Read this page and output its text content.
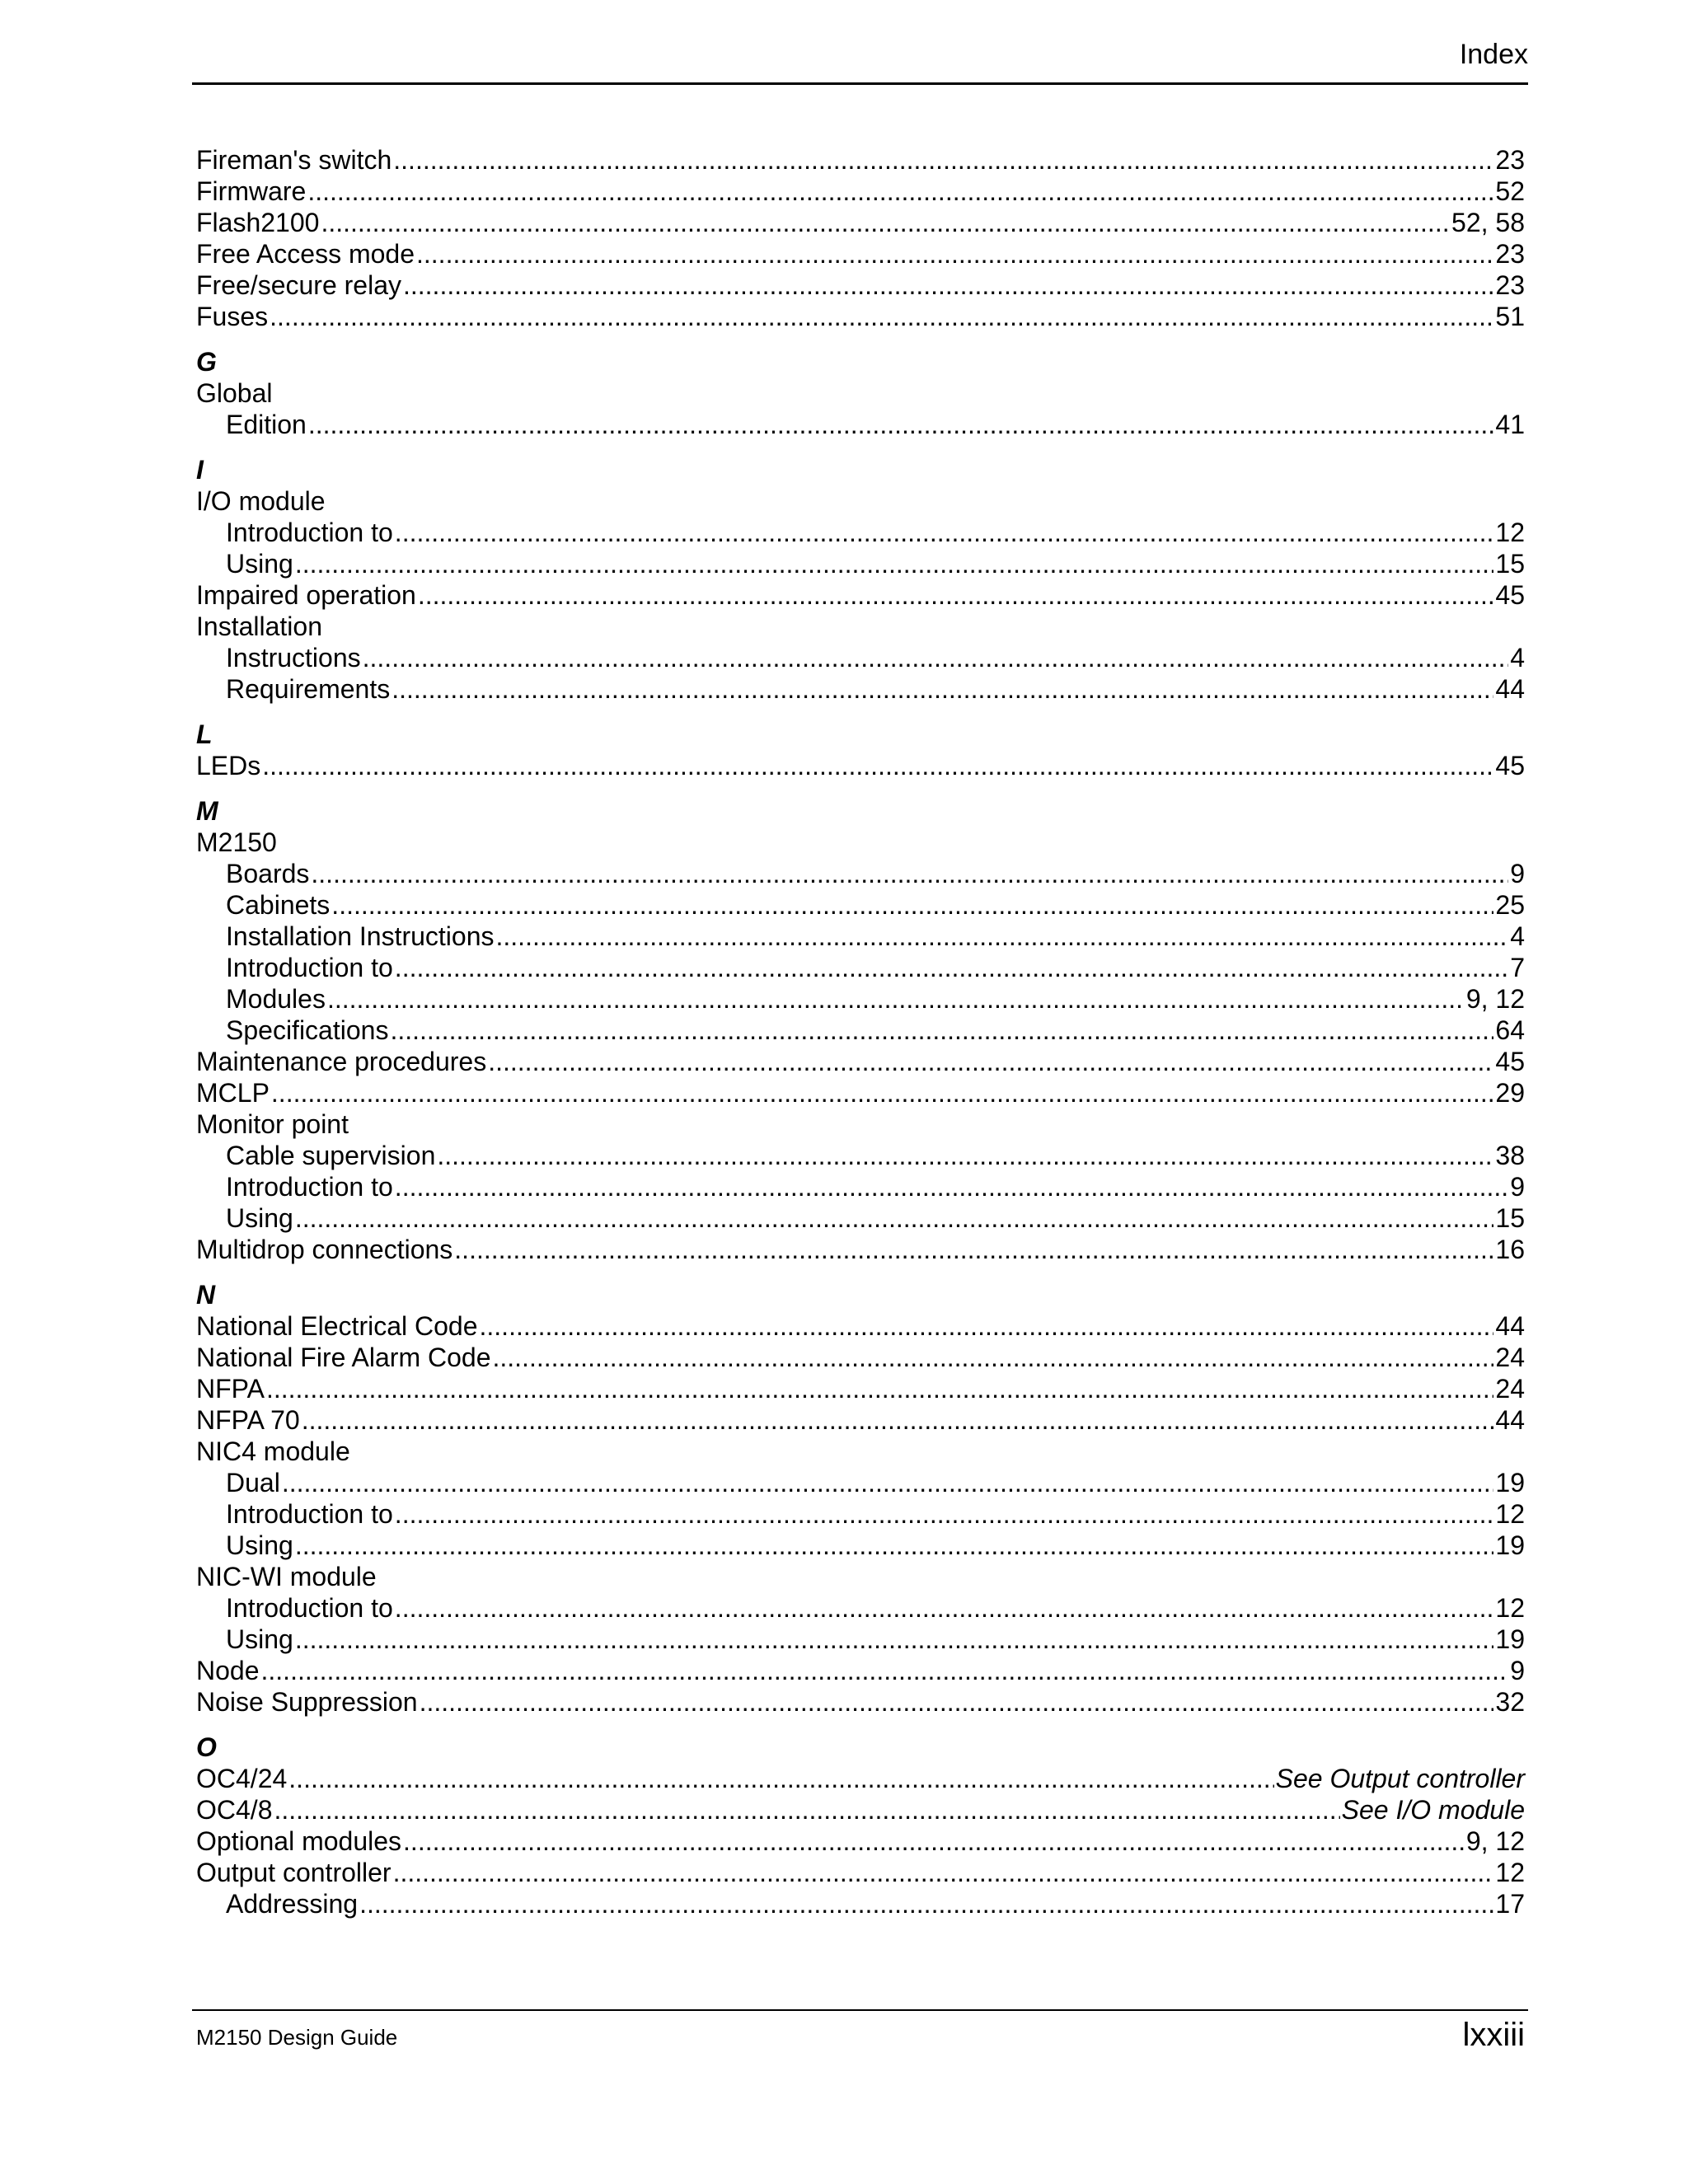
Index
Fireman's switch .....	23
Firmware .....	52
Flash2100 .....	52, 58
Free Access mode .....	23
Free/secure relay .....	23
Fuses .....	51
G
Global
Edition .....	41
I
I/O module
Introduction to .....	12
Using .....	15
Impaired operation .....	45
Installation
Instructions .....	4
Requirements .....	44
L
LEDs .....	45
M
M2150
Boards .....	9
Cabinets .....	25
Installation Instructions .....	4
Introduction to .....	7
Modules .....	9, 12
Specifications .....	64
Maintenance procedures .....	45
MCLP .....	29
Monitor point
Cable supervision .....	38
Introduction to .....	9
Using .....	15
Multidrop connections .....	16
N
National Electrical Code .....	44
National Fire Alarm Code .....	24
NFPA .....	24
NFPA 70 .....	44
NIC4 module
Dual .....	19
Introduction to .....	12
Using .....	19
NIC-WI module
Introduction to .....	12
Using .....	19
Node .....	9
Noise Suppression .....	32
O
OC4/24 .....	See Output controller
OC4/8 .....	See I/O module
Optional modules .....	9, 12
Output controller .....	12
Addressing .....	17
M2150 Design Guide	lxxiii
